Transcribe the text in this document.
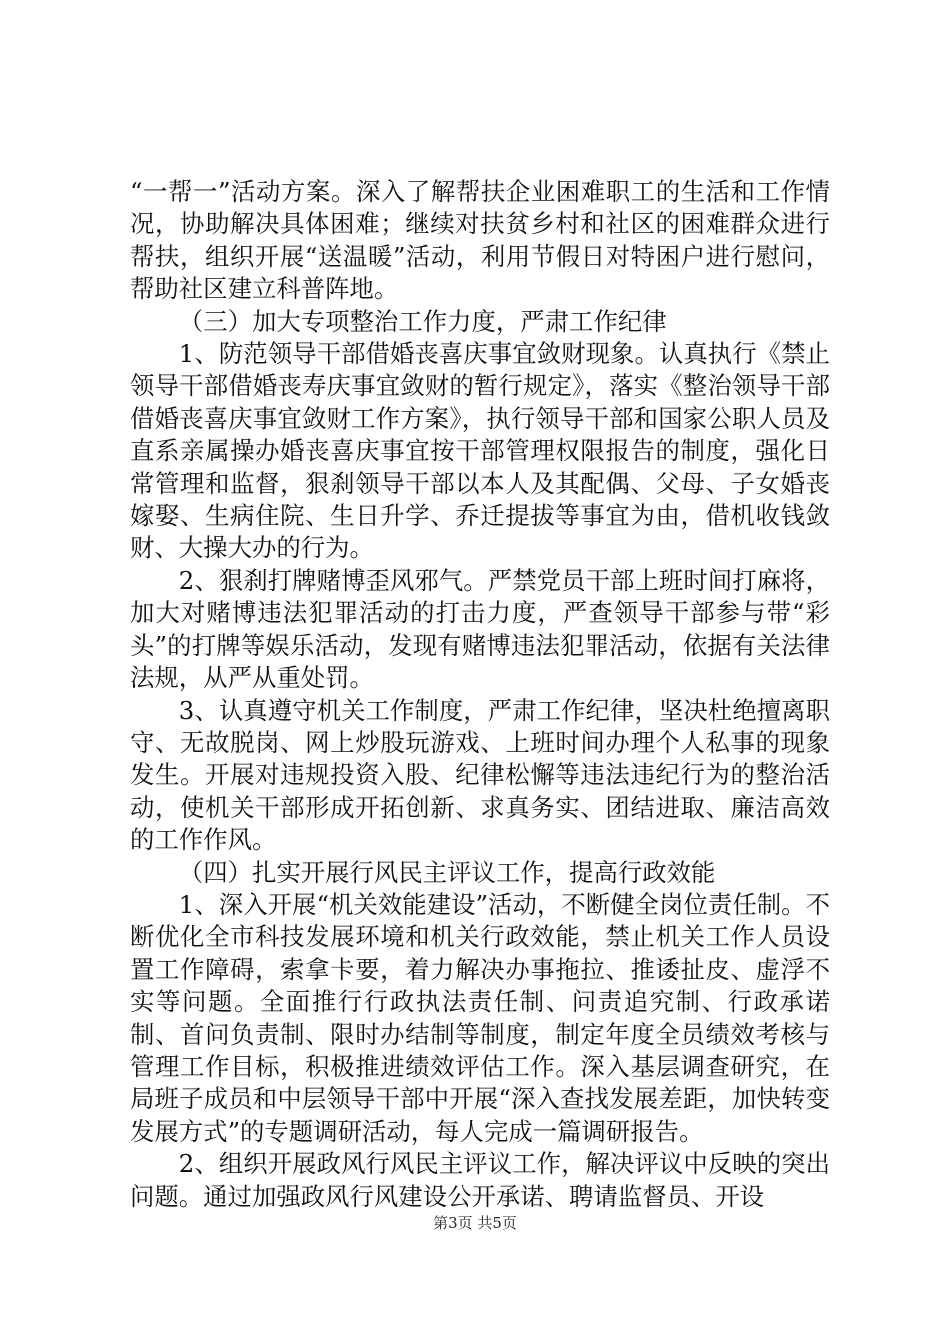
“一帮一”活动方案。深入了解帮扶企业困难职工的生活和工作情况，协助解决具体困难；继续对扶贫乡村和社区的困难群众进行帮扶，组织开展“送温暖”活动，利用节假日对特困户进行慰问，帮助社区建立科普阵地。

（三）加大专项整治工作力度，严肃工作纪律

1、防范领导干部借婚丧喜庆事宜敛财现象。认真执行《禁止领导干部借婚丧寿庆事宜敛财的暂行规定》，落实《整治领导干部借婚丧喜庆事宜敛财工作方案》，执行领导干部和国家公职人员及直系亲属操办婚丧喜庆事宜按干部管理权限报告的制度，强化日常管理和监督，狠刹领导干部以本人及其配偶、父母、子女婚丧嫁娶、生病住院、生日升学、乔迁提拔等事宜为由，借机收钱敛财、大操大办的行为。

2、狠刹打牌赌博歪风邪气。严禁党员干部上班时间打麻将，加大对赌博违法犯罪活动的打击力度，严查领导干部参与带“彩头”的打牌等娱乐活动，发现有赌博违法犯罪活动，依据有关法律法规，从严从重处罚。

3、认真遵守机关工作制度，严肃工作纪律，坚决杜绝擅离职守、无故脱岗、网上炒股玩游戏、上班时间办理个人私事的现象发生。开展对违规投资入股、纪律松懈等违法违纪行为的整治活动，使机关干部形成开拓创新、求真务实、团结进取、廉洁高效的工作作风。

（四）扎实开展行风民主评议工作，提高行政效能

1、深入开展“机关效能建设”活动，不断健全岗位责任制。不断优化全市科技发展环境和机关行政效能，禁止机关工作人员设置工作障碍，索拿卡要，着力解决办事拖拉、推诿扯皮、虚浮不实等问题。全面推行行政执法责任制、问责追究制、行政承诺制、首问负责制、限时办结制等制度，制定年度全员绩效考核与管理工作目标，积极推进绩效评估工作。深入基层调查研究，在局班子成员和中层领导干部中开展“深入查找发展差距，加快转变发展方式”的专题调研活动，每人完成一篇调研报告。

2、组织开展政风行风民主评议工作，解决评议中反映的突出问题。通过加强政风行风建设公开承诺、聘请监督员、开设

第3页 共5页
